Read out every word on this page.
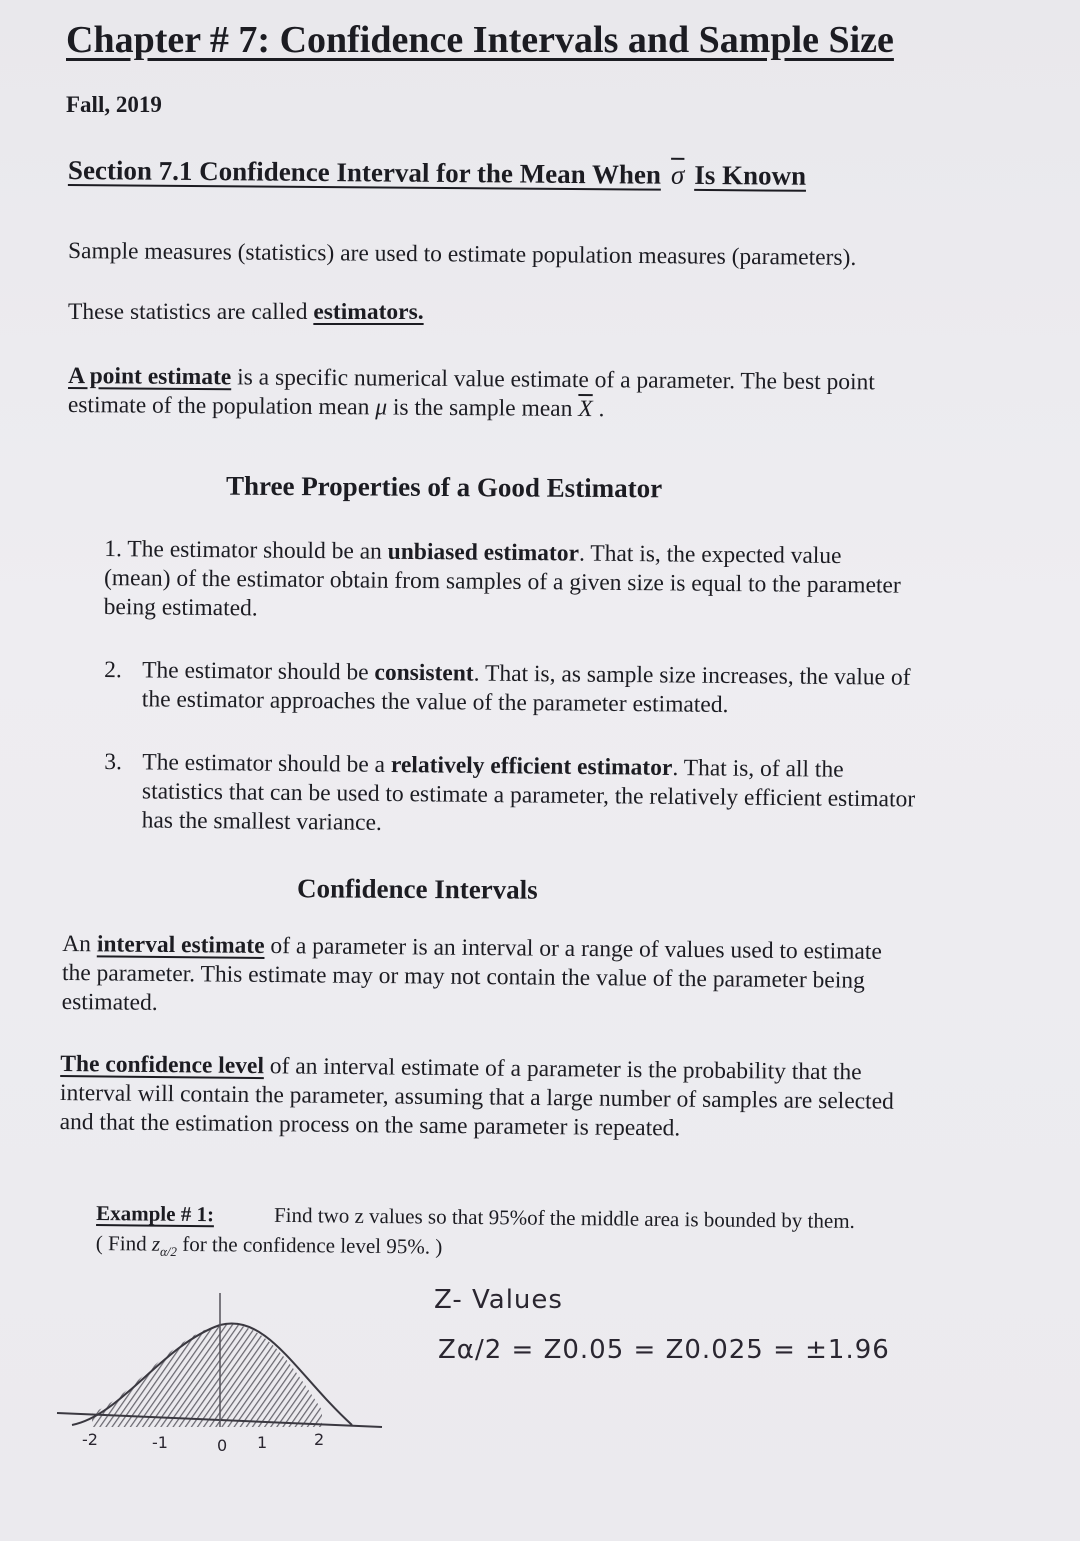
Chapter # 7: Confidence Intervals and Sample Size
Fall, 2019
Section 7.1 Confidence Interval for the Mean When $\overline{\sigma}$ Is Known
Sample measures (statistics) are used to estimate population measures (parameters).
These statistics are called estimators.
A point estimate is a specific numerical value estimate of a parameter. The best point
estimate of the population mean μ is the sample mean $\overline{X}$ .
Three Properties of a Good Estimator
1. The estimator should be an unbiased estimator. That is, the expected value
(mean) of the estimator obtain from samples of a given size is equal to the parameter
being estimated.
2. The estimator should be consistent. That is, as sample size increases, the value of
the estimator approaches the value of the parameter estimated.
3. The estimator should be a relatively efficient estimator. That is, of all the
statistics that can be used to estimate a parameter, the relatively efficient estimator
has the smallest variance.
Confidence Intervals
An interval estimate of a parameter is an interval or a range of values used to estimate
the parameter. This estimate may or may not contain the value of the parameter being
estimated.
The confidence level of an interval estimate of a parameter is the probability that the
interval will contain the parameter, assuming that a large number of samples are selected
and that the estimation process on the same parameter is repeated.
Example # 1:	Find two z values so that 95%of the middle area is bounded by them.
( Find $z_{\alpha/2}$ for the confidence level 95%. )
Z- Values
Zα/2 = Z0.05 = Z0.025 = ±1.96
-2	-1	0 1	2
